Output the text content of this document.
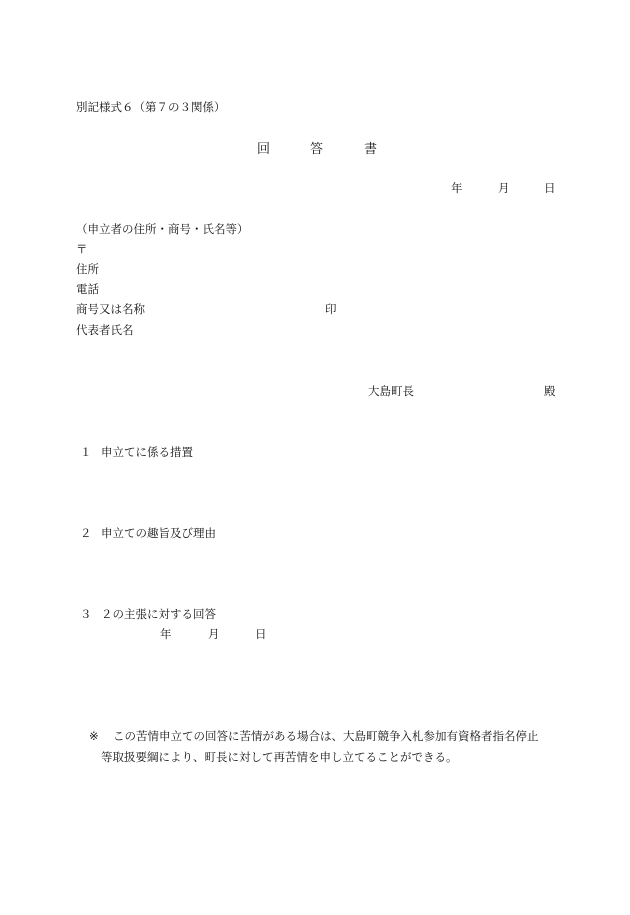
別記様式６（第７の３関係）
回	答	書
年	月	日
（申立者の住所・商号・氏名等）
〒
住所
電話
商号又は名称	印
代表者氏名
大島町長	殿
１ 申立てに係る措置
２ 申立ての趣旨及び理由
３ ２の主張に対する回答
年	月	日
※ この苦情申立ての回答に苦情がある場合は、大島町競争入札参加有資格者指名停止
等取扱要綱により、町長に対して再苦情を申し立てることができる。
